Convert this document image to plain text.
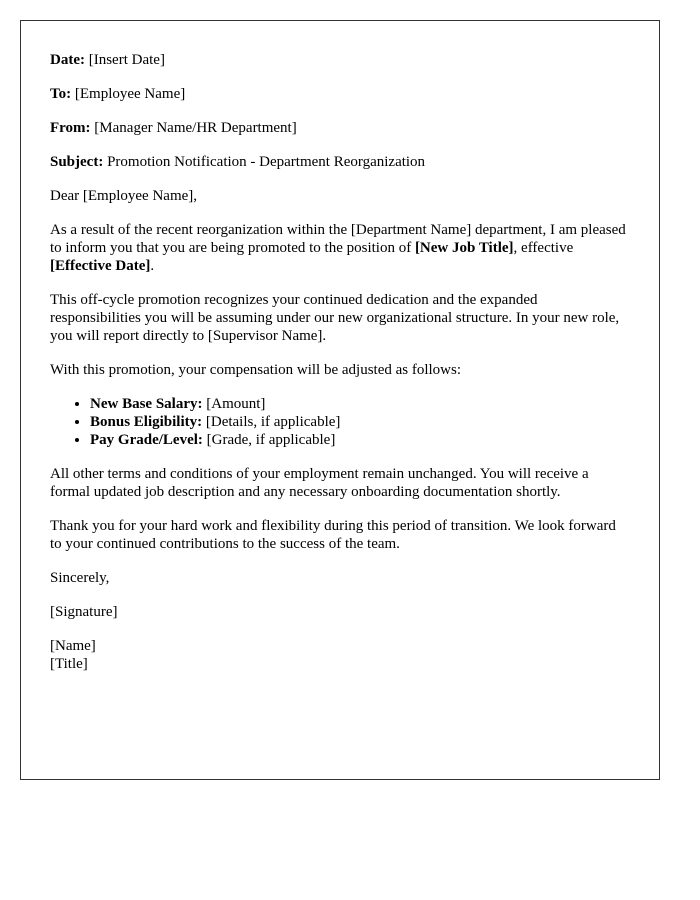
Date: [Insert Date]

To: [Employee Name]

From: [Manager Name/HR Department]

Subject: Promotion Notification - Department Reorganization

Dear [Employee Name],

As a result of the recent reorganization within the [Department Name] department, I am pleased to inform you that you are being promoted to the position of [New Job Title], effective [Effective Date].

This off-cycle promotion recognizes your continued dedication and the expanded responsibilities you will be assuming under our new organizational structure. In your new role, you will report directly to [Supervisor Name].

With this promotion, your compensation will be adjusted as follows:

• New Base Salary: [Amount]
• Bonus Eligibility: [Details, if applicable]
• Pay Grade/Level: [Grade, if applicable]

All other terms and conditions of your employment remain unchanged. You will receive a formal updated job description and any necessary onboarding documentation shortly.

Thank you for your hard work and flexibility during this period of transition. We look forward to your continued contributions to the success of the team.

Sincerely,

[Signature]

[Name]
[Title]
